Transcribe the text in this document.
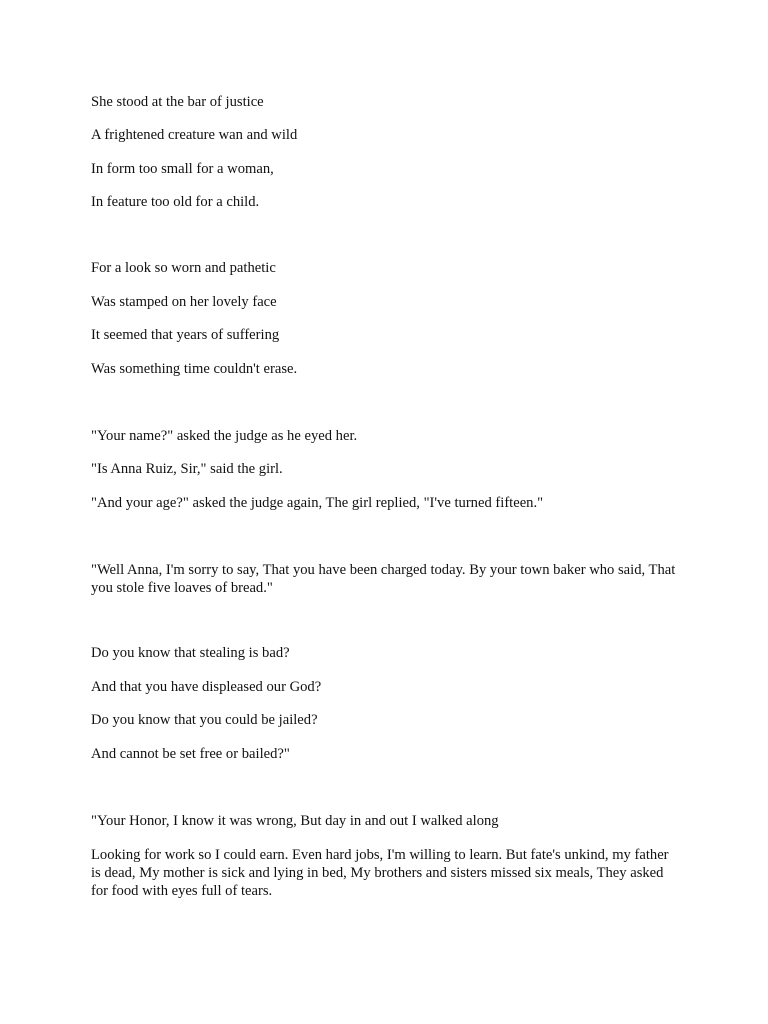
She stood at the bar of justice

A frightened creature wan and wild

In form too small for a woman,

In feature too old for a child.

For a look so worn and pathetic

Was stamped on her lovely face

It seemed that years of suffering

Was something time couldn't erase.

"Your name?" asked the judge as he eyed her.

"Is Anna Ruiz, Sir," said the girl.

"And your age?" asked the judge again, The girl replied, "I've turned fifteen."

"Well Anna, I'm sorry to say, That you have been charged today. By your town baker who said, That you stole five loaves of bread."

Do you know that stealing is bad?

And that you have displeased our God?

Do you know that you could be jailed?

And cannot be set free or bailed?"

"Your Honor, I know it was wrong, But day in and out I walked along

Looking for work so I could earn. Even hard jobs, I'm willing to learn. But fate's unkind, my father is dead, My mother is sick and lying in bed, My brothers and sisters missed six meals, They asked for food with eyes full of tears.
